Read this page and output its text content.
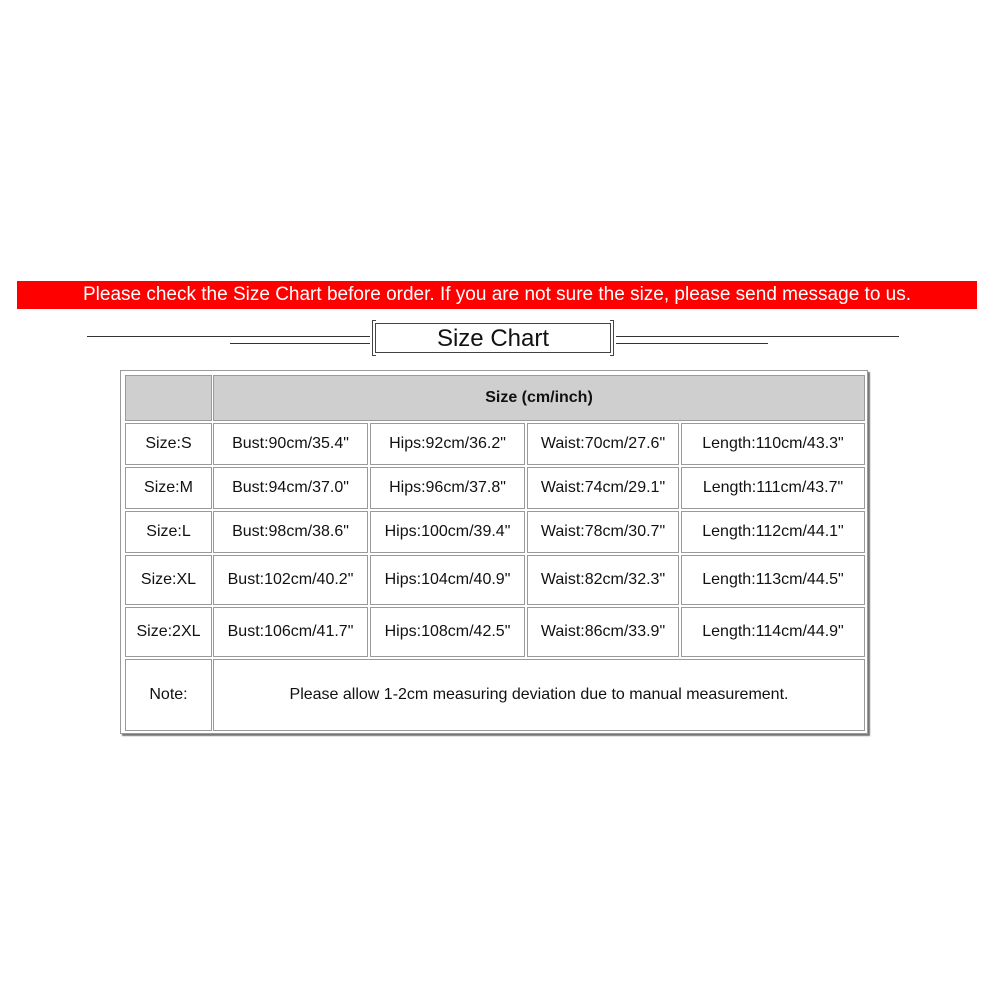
Please check the Size Chart before order. If you are not sure the size, please send message to us.
Size Chart
Size (cm/inch)
Size:S	Bust:90cm/35.4"	Hips:92cm/36.2"	Waist:70cm/27.6"	Length:110cm/43.3"
Size:M	Bust:94cm/37.0"	Hips:96cm/37.8"	Waist:74cm/29.1"	Length:111cm/43.7"
Size:L	Bust:98cm/38.6"	Hips:100cm/39.4"	Waist:78cm/30.7"	Length:112cm/44.1"
Size:XL	Bust:102cm/40.2"	Hips:104cm/40.9"	Waist:82cm/32.3"	Length:113cm/44.5"
Size:2XL	Bust:106cm/41.7"	Hips:108cm/42.5"	Waist:86cm/33.9"	Length:114cm/44.9"
Note:	Please allow 1-2cm measuring deviation due to manual measurement.
